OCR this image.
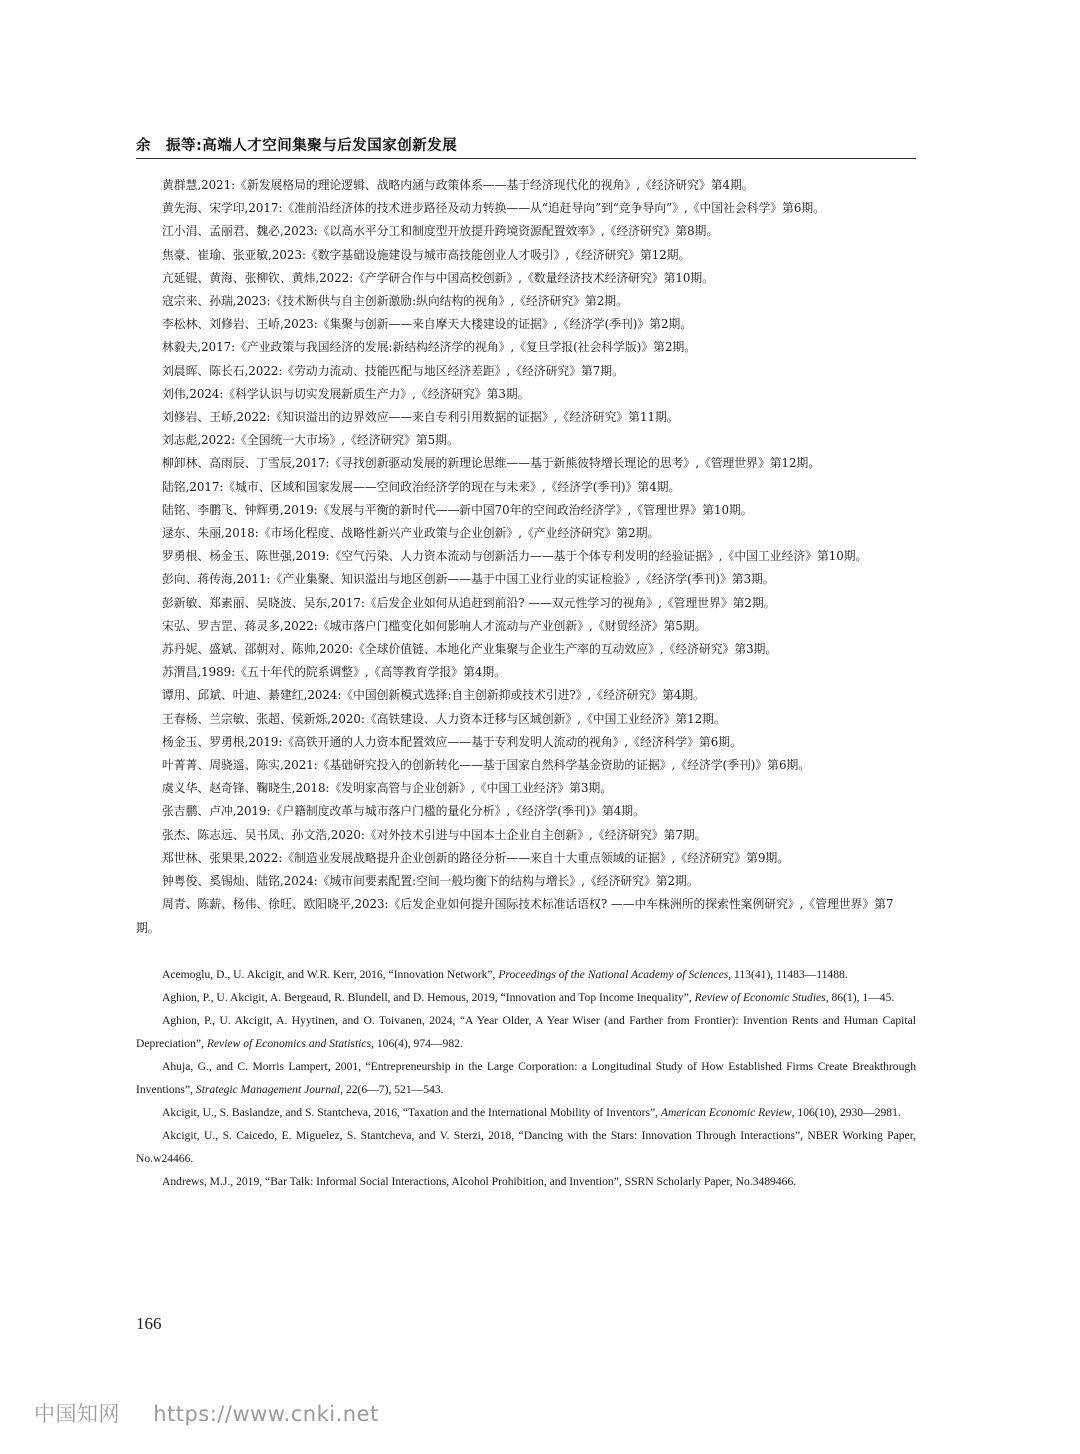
余　振等:高端人才空间集聚与后发国家创新发展
黄群慧,2021:《新发展格局的理论逻辑、战略内涵与政策体系——基于经济现代化的视角》,《经济研究》第4期。
黄先海、宋学印,2017:《准前沿经济体的技术进步路径及动力转换——从“追赶导向”到“竞争导向”》,《中国社会科学》第6期。
江小涓、孟丽君、魏必,2023:《以高水平分工和制度型开放提升跨境资源配置效率》,《经济研究》第8期。
焦豪、崔瑜、张亚敏,2023:《数字基础设施建设与城市高技能创业人才吸引》,《经济研究》第12期。
亢延锟、黄海、张柳钦、黄炜,2022:《产学研合作与中国高校创新》,《数量经济技术经济研究》第10期。
寇宗来、孙瑞,2023:《技术断供与自主创新激励:纵向结构的视角》,《经济研究》第2期。
李松林、刘修岩、王峤,2023:《集聚与创新——来自摩天大楼建设的证据》,《经济学(季刊)》第2期。
林毅夫,2017:《产业政策与我国经济的发展:新结构经济学的视角》,《复旦学报(社会科学版)》第2期。
刘晨晖、陈长石,2022:《劳动力流动、技能匹配与地区经济差距》,《经济研究》第7期。
刘伟,2024:《科学认识与切实发展新质生产力》,《经济研究》第3期。
刘修岩、王峤,2022:《知识溢出的边界效应——来自专利引用数据的证据》,《经济研究》第11期。
刘志彪,2022:《全国统一大市场》,《经济研究》第5期。
柳卸林、高雨辰、丁雪辰,2017:《寻找创新驱动发展的新理论思维——基于新熊彼特增长理论的思考》,《管理世界》第12期。
陆铭,2017:《城市、区域和国家发展——空间政治经济学的现在与未来》,《经济学(季刊)》第4期。
陆铭、李鹏飞、钟辉勇,2019:《发展与平衡的新时代——新中国70年的空间政治经济学》,《管理世界》第10期。
逯东、朱丽,2018:《市场化程度、战略性新兴产业政策与企业创新》,《产业经济研究》第2期。
罗勇根、杨金玉、陈世强,2019:《空气污染、人力资本流动与创新活力——基于个体专利发明的经验证据》,《中国工业经济》第10期。
彭向、蒋传海,2011:《产业集聚、知识溢出与地区创新——基于中国工业行业的实证检验》,《经济学(季刊)》第3期。
彭新敏、郑素丽、吴晓波、吴东,2017:《后发企业如何从追赶到前沿? ——双元性学习的视角》,《管理世界》第2期。
宋弘、罗吉罡、蒋灵多,2022:《城市落户门槛变化如何影响人才流动与产业创新》,《财贸经济》第5期。
苏丹妮、盛斌、邵朝对、陈帅,2020:《全球价值链、本地化产业集聚与企业生产率的互动效应》,《经济研究》第3期。
苏渭昌,1989:《五十年代的院系调整》,《高等教育学报》第4期。
谭用、邱斌、叶迪、綦建红,2024:《中国创新模式选择:自主创新抑或技术引进?》,《经济研究》第4期。
王春杨、兰宗敏、张超、侯新烁,2020:《高铁建设、人力资本迁移与区域创新》,《中国工业经济》第12期。
杨金玉、罗勇根,2019:《高铁开通的人力资本配置效应——基于专利发明人流动的视角》,《经济科学》第6期。
叶菁菁、周骁遥、陈实,2021:《基础研究投入的创新转化——基于国家自然科学基金资助的证据》,《经济学(季刊)》第6期。
虞义华、赵奇锋、鞠晓生,2018:《发明家高管与企业创新》,《中国工业经济》第3期。
张吉鹏、卢冲,2019:《户籍制度改革与城市落户门槛的量化分析》,《经济学(季刊)》第4期。
张杰、陈志远、吴书凤、孙文浩,2020:《对外技术引进与中国本土企业自主创新》,《经济研究》第7期。
郑世林、张果果,2022:《制造业发展战略提升企业创新的路径分析——来自十大重点领域的证据》,《经济研究》第9期。
钟粤俊、奚锡灿、陆铭,2024:《城市间要素配置:空间一般均衡下的结构与增长》,《经济研究》第2期。
周青、陈薪、杨伟、徐旺、欧阳晓平,2023:《后发企业如何提升国际技术标准话语权? ——中车株洲所的探索性案例研究》,《管理世界》第7期。
Acemoglu, D., U. Akcigit, and W.R. Kerr, 2016, “Innovation Network”, Proceedings of the National Academy of Sciences, 113(41), 11483—11488.
Aghion, P., U. Akcigit, A. Bergeaud, R. Blundell, and D. Hemous, 2019, “Innovation and Top Income Inequality”, Review of Economic Studies, 86(1), 1—45.
Aghion, P., U. Akcigit, A. Hyytinen, and O. Toivanen, 2024, “A Year Older, A Year Wiser (and Farther from Frontier): Invention Rents and Human Capital Depreciation”, Review of Economics and Statistics, 106(4), 974—982.
Ahuja, G., and C. Morris Lampert, 2001, “Entrepreneurship in the Large Corporation: a Longitudinal Study of How Established Firms Create Breakthrough Inventions”, Strategic Management Journal, 22(6—7), 521—543.
Akcigit, U., S. Baslandze, and S. Stantcheva, 2016, “Taxation and the International Mobility of Inventors”, American Economic Review, 106(10), 2930—2981.
Akcigit, U., S. Caicedo, E. Miguelez, S. Stantcheva, and V. Sterzi, 2018, “Dancing with the Stars: Innovation Through Interactions”, NBER Working Paper, No.w24466.
Andrews, M.J., 2019, “Bar Talk: Informal Social Interactions, Alcohol Prohibition, and Invention”, SSRN Scholarly Paper, No.3489466.
166
中国知网 https://www.cnki.net
